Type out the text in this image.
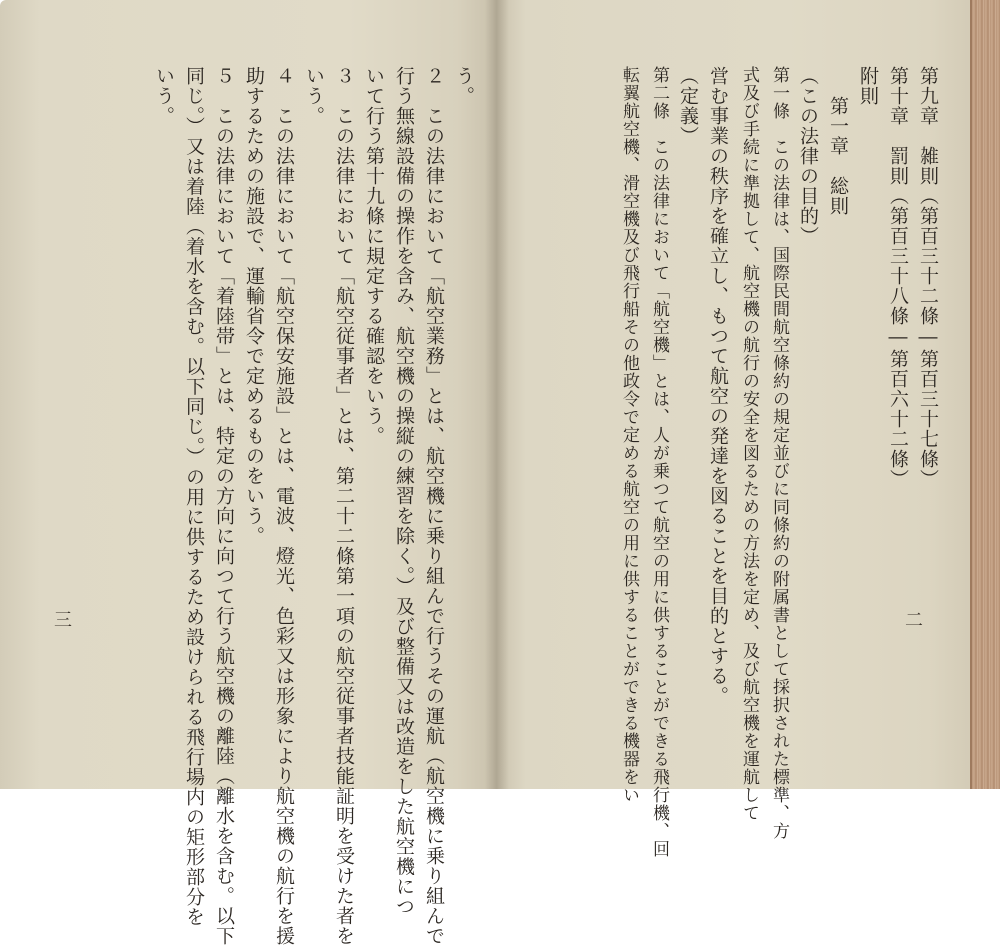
う。
２　この法律において「航空業務」とは、航空機に乗り組んで行うその運航（航空機に乗り組んで
行う無線設備の操作を含み、航空機の操縦の練習を除く。）及び整備又は改造をした航空機につ
いて行う第十九條に規定する確認をいう。
３　この法律において「航空従事者」とは、第二十二條第一項の航空従事者技能証明を受けた者を
いう。
４　この法律において「航空保安施設」とは、電波、燈光、色彩又は形象により航空機の航行を援
助するための施設で、運輸省令で定めるものをいう。
５　この法律において「着陸帯」とは、特定の方向に向つて行う航空機の離陸（離水を含む。以下
同じ。）又は着陸（着水を含む。以下同じ。）の用に供するため設けられる飛行場内の矩形部分を
いう。
三
第九章　雑則（第百三十二條―第百三十七條）
第十章　罰則（第百三十八條―第百六十二條）
附則
第一章　総則
（この法律の目的）
第一條　この法律は、国際民間航空條約の規定並びに同條約の附属書として採択された標準、方
式及び手続に準拠して、航空機の航行の安全を図るための方法を定め、及び航空機を運航して
営む事業の秩序を確立し、もつて航空の発達を図ることを目的とする。
（定義）
第二條　この法律において「航空機」とは、人が乗つて航空の用に供することができる飛行機、回
転翼航空機、滑空機及び飛行船その他政令で定める航空の用に供することができる機器をい	二
